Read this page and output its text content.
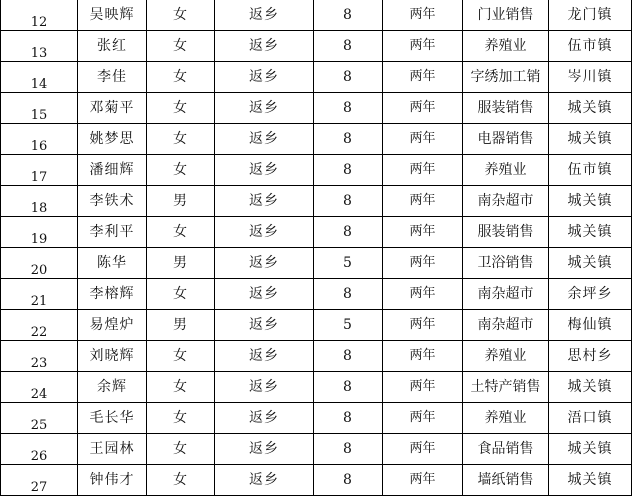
12	吴映辉	女	返乡	8	两年	门业销售	龙门镇
13	张红	女	返乡	8	两年	养殖业	伍市镇
14	李佳	女	返乡	8	两年	字绣加工销	岑川镇
15	邓菊平	女	返乡	8	两年	服装销售	城关镇
16	姚梦思	女	返乡	8	两年	电器销售	城关镇
17	潘细辉	女	返乡	8	两年	养殖业	伍市镇
18	李铁术	男	返乡	8	两年	南杂超市	城关镇
19	李利平	女	返乡	8	两年	服装销售	城关镇
20	陈华	男	返乡	5	两年	卫浴销售	城关镇
21	李榕辉	女	返乡	8	两年	南杂超市	余坪乡
22	易煌炉	男	返乡	5	两年	南杂超市	梅仙镇
23	刘晓辉	女	返乡	8	两年	养殖业	思村乡
24	余辉	女	返乡	8	两年	土特产销售	城关镇
25	毛长华	女	返乡	8	两年	养殖业	浯口镇
26	王园林	女	返乡	8	两年	食品销售	城关镇
27	钟伟才	女	返乡	8	两年	墙纸销售	城关镇
